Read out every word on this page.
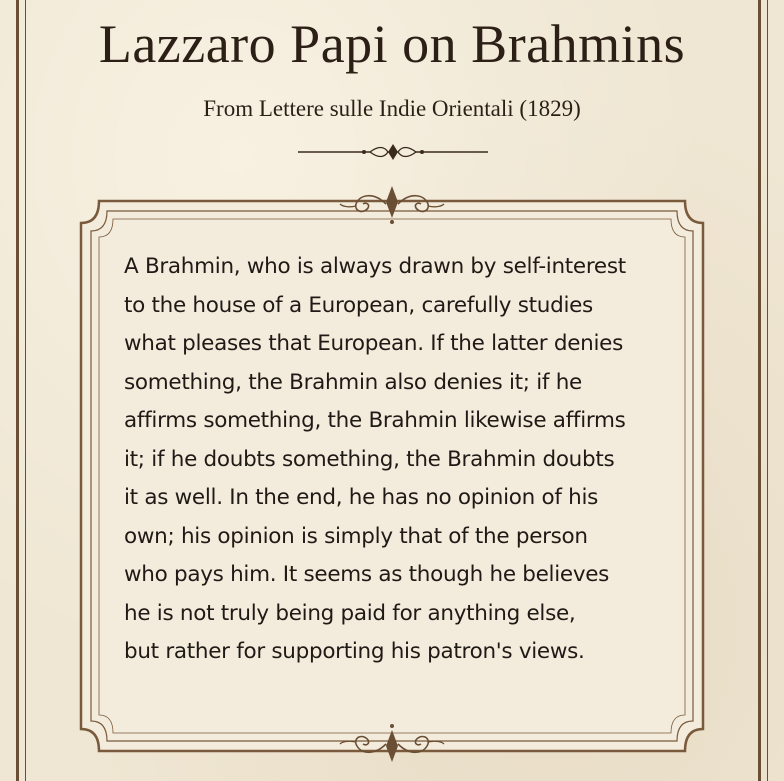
Lazzaro Papi on Brahmins
From Lettere sulle Indie Orientali (1829)
A Brahmin, who is always drawn by self-interest
to the house of a European, carefully studies
what pleases that European. If the latter denies
something, the Brahmin also denies it; if he
affirms something, the Brahmin likewise affirms
it; if he doubts something, the Brahmin doubts
it as well. In the end, he has no opinion of his
own; his opinion is simply that of the person
who pays him. It seems as though he believes
he is not truly being paid for anything else,
but rather for supporting his patron's views.
